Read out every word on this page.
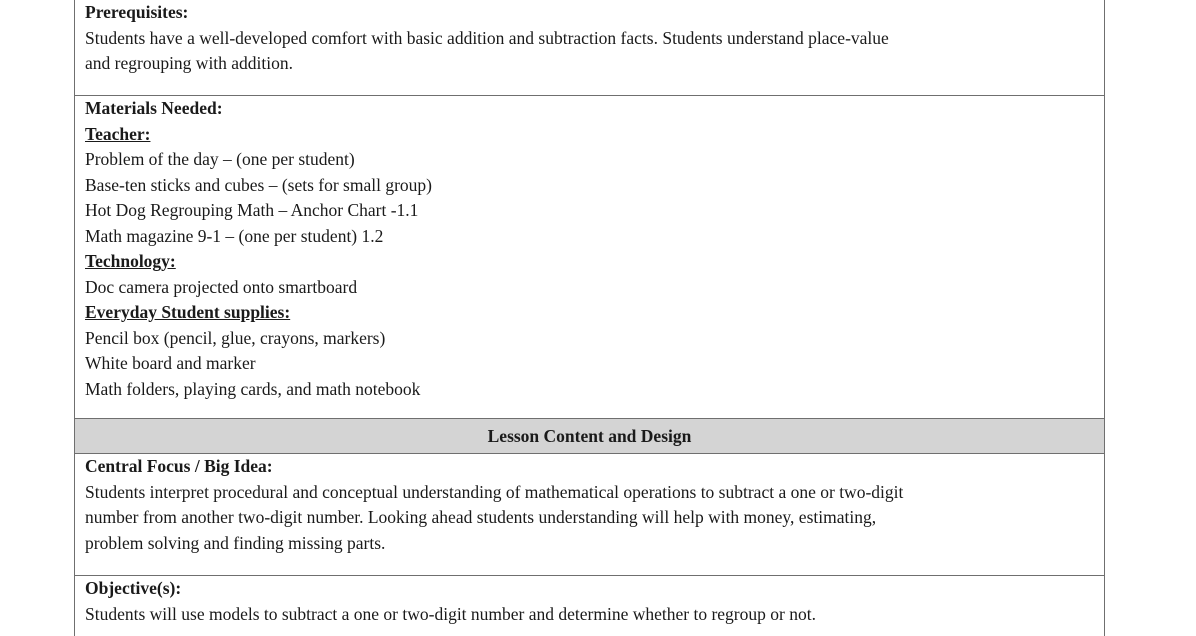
Prerequisites:
Students have a well-developed comfort with basic addition and subtraction facts. Students understand place-value
and regrouping with addition.
Materials Needed:
Teacher:
Problem of the day – (one per student)
Base-ten sticks and cubes – (sets for small group)
Hot Dog Regrouping Math – Anchor Chart -1.1
Math magazine 9-1 – (one per student) 1.2
Technology:
Doc camera projected onto smartboard
Everyday Student supplies:
Pencil box (pencil, glue, crayons, markers)
White board and marker
Math folders, playing cards, and math notebook
Lesson Content and Design
Central Focus / Big Idea:
Students interpret procedural and conceptual understanding of mathematical operations to subtract a one or two-digit
number from another two-digit number. Looking ahead students understanding will help with money, estimating,
problem solving and finding missing parts.
Objective(s):
Students will use models to subtract a one or two-digit number and determine whether to regroup or not.
